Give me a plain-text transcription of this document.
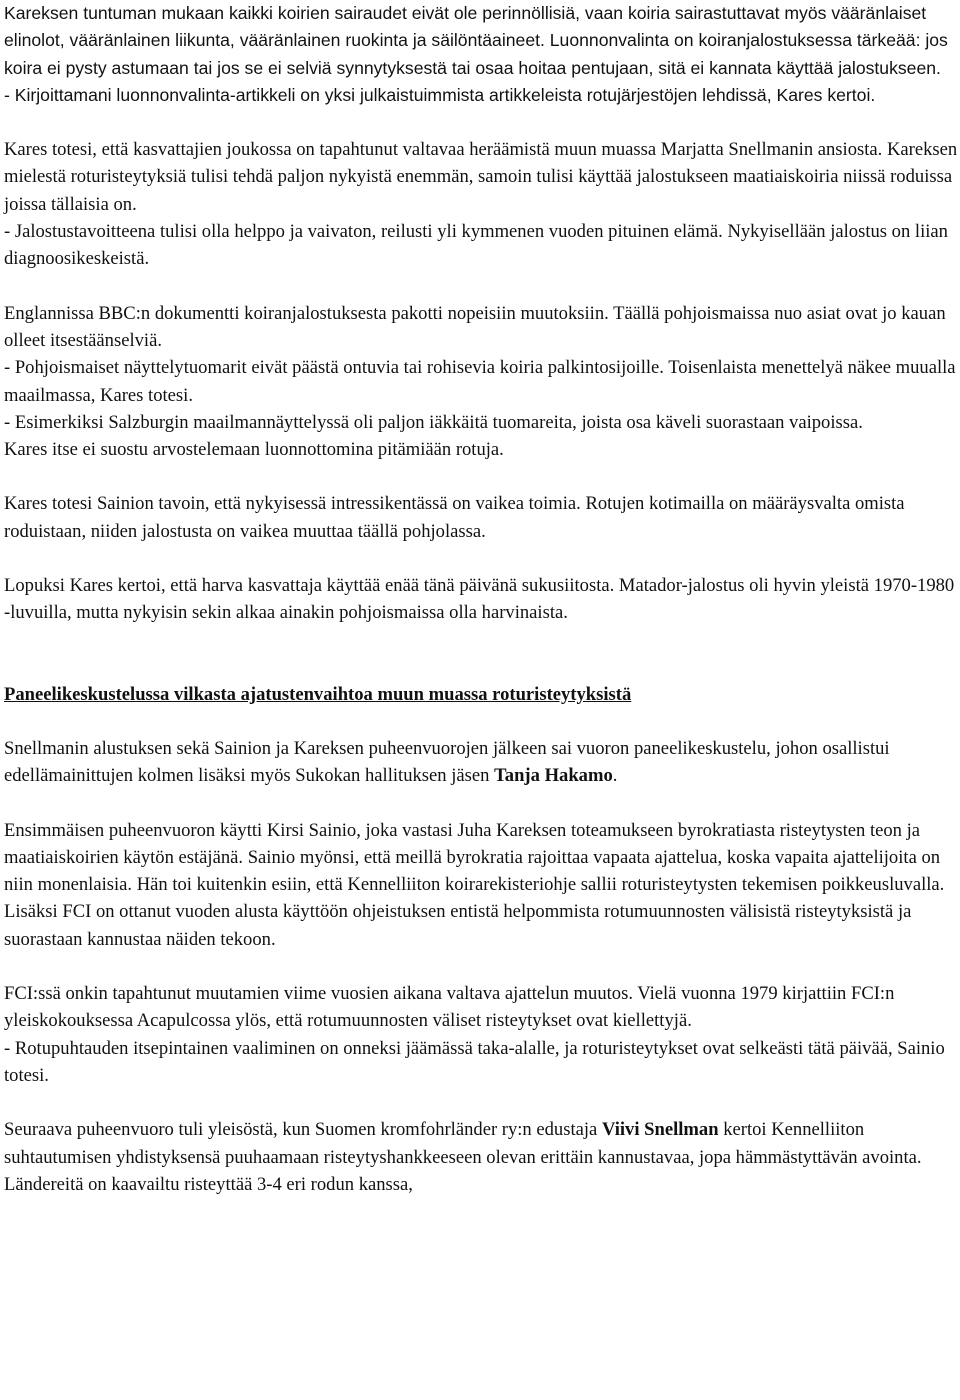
Kareksen tuntuman mukaan kaikki koirien sairaudet eivät ole perinnöllisiä, vaan koiria sairastuttavat myös vääränlaiset elinolot, vääränlainen liikunta, vääränlainen ruokinta ja säilöntäaineet. Luonnonvalinta on koiranjalostuksessa tärkeää: jos koira ei pysty astumaan tai jos se ei selviä synnytyksestä tai osaa hoitaa pentujaan, sitä ei kannata käyttää jalostukseen.

- Kirjoittamani luonnonvalinta-artikkeli on yksi julkaistuimmista artikkeleista rotujärjestöjen lehdissä, Kares kertoi.

Kares totesi, että kasvattajien joukossa on tapahtunut valtavaa heräämistä muun muassa Marjatta Snellmanin ansiosta. Kareksen mielestä roturisteytyksiä tulisi tehdä paljon nykyistä enemmän, samoin tulisi käyttää jalostukseen maatiaiskoiria niissä roduissa joissa tällaisia on.

- Jalostustavoitteena tulisi olla helppo ja vaivaton, reilusti yli kymmenen vuoden pituinen elämä. Nykyisellään jalostus on liian diagnoosikeskeistä.

Englannissa BBC:n dokumentti koiranjalostuksesta pakotti nopeisiin muutoksiin. Täällä pohjoismaissa nuo asiat ovat jo kauan olleet itsestäänselviä.

- Pohjoismaiset näyttelytuomarit eivät päästä ontuvia tai rohisevia koiria palkintosijoille. Toisenlaista menettelyä näkee muualla maailmassa, Kares totesi.

- Esimerkiksi Salzburgin maailmannäyttelyssä oli paljon iäkkäitä tuomareita, joista osa käveli suorastaan vaipoissa.

Kares itse ei suostu arvostelemaan luonnottomina pitämiään rotuja.

Kares totesi Sainion tavoin, että nykyisessä intressikentässä on vaikea toimia. Rotujen kotimailla on määräysvalta omista roduistaan, niiden jalostusta on vaikea muuttaa täällä pohjolassa.

Lopuksi Kares kertoi, että harva kasvattaja käyttää enää tänä päivänä sukusiitosta. Matador-jalostus oli hyvin yleistä 1970-1980 -luvuilla, mutta nykyisin sekin alkaa ainakin pohjoismaissa olla harvinaista.

Paneelikeskustelussa vilkasta ajatustenvaihtoa muun muassa roturisteytyksistä

Snellmanin alustuksen sekä Sainion ja Kareksen puheenvuorojen jälkeen sai vuoron paneelikeskustelu, johon osallistui edellämainittujen kolmen lisäksi myös Sukokan hallituksen jäsen Tanja Hakamo.

Ensimmäisen puheenvuoron käytti Kirsi Sainio, joka vastasi Juha Kareksen toteamukseen byrokratiasta risteytysten teon ja maatiaiskoirien käytön estäjänä. Sainio myönsi, että meillä byrokratia rajoittaa vapaata ajattelua, koska vapaita ajattelijoita on niin monenlaisia. Hän toi kuitenkin esiin, että Kennelliiton koirarekisteriohje sallii roturisteytysten tekemisen poikkeusluvalla. Lisäksi FCI on ottanut vuoden alusta käyttöön ohjeistuksen entistä helpommista rotumuunnosten välisistä risteytyksistä ja suorastaan kannustaa näiden tekoon.

FCI:ssä onkin tapahtunut muutamien viime vuosien aikana valtava ajattelun muutos. Vielä vuonna 1979 kirjattiin FCI:n yleiskokouksessa Acapulcossa ylös, että rotumuunnosten väliset risteytykset ovat kiellettyjä.

- Rotupuhtauden itsepintainen vaaliminen on onneksi jäämässä taka-alalle, ja roturisteytykset ovat selkeästi tätä päivää, Sainio totesi.

Seuraava puheenvuoro tuli yleisöstä, kun Suomen kromfohrländer ry:n edustaja Viivi Snellman kertoi Kennelliiton suhtautumisen yhdistyksensä puuhaamaan risteytyshankkeeseen olevan erittäin kannustavaa, jopa hämmästyttävän avointa. Ländereitä on kaavailtu risteyttää 3-4 eri rodun kanssa,
